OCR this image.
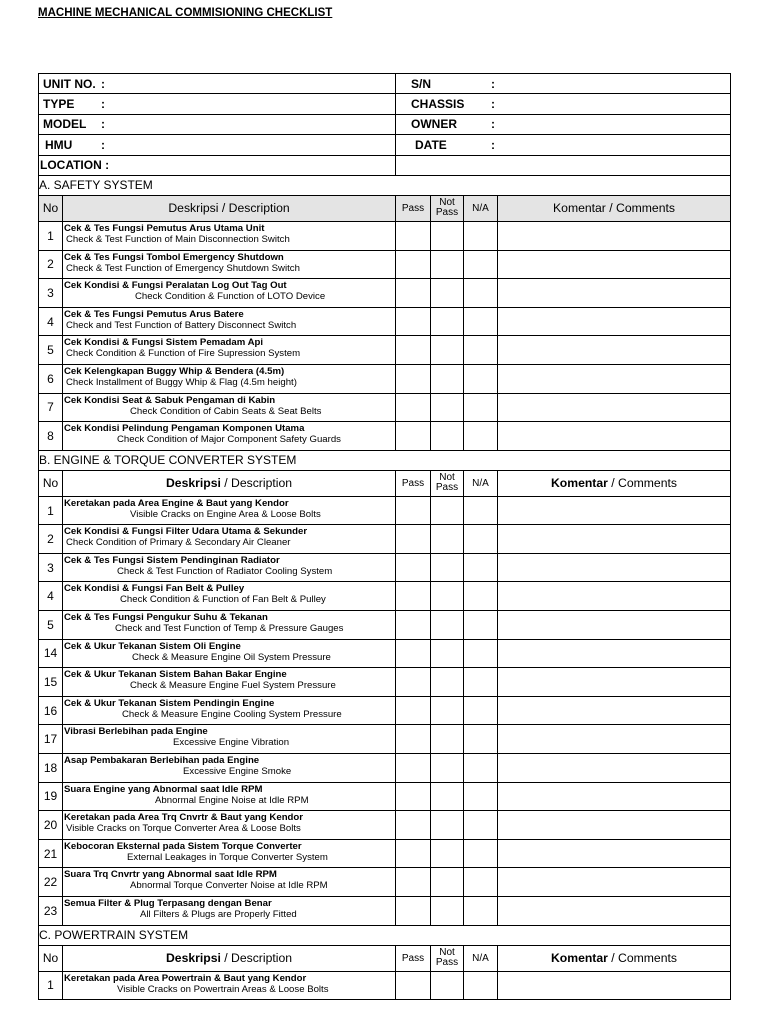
MACHINE MECHANICAL COMMISIONING CHECKLIST
UNIT NO. :		S/N :			
TYPE :		CHASSIS :			
MODEL :		OWNER :			
HMU :		DATE :			
LOCATION :					
A. SAFETY SYSTEM					
No	Deskripsi / Description	Pass	Not Pass	N/A	Komentar / Comments
1	Cek & Tes Fungsi Pemutus Arus Utama Unit
Check & Test Function of Main Disconnection Switch				

2	Cek & Tes Fungsi Tombol Emergency Shutdown
Check & Test Function of Emergency Shutdown Switch				

3	Cek Kondisi & Fungsi Peralatan Log Out Tag Out
Check Condition & Function of LOTO Device				

4	Cek & Tes Fungsi Pemutus Arus Batere
Check and Test Function of Battery Disconnect Switch				

5	Cek Kondisi & Fungsi Sistem Pemadam Api
Check Condition & Function of Fire Supression System				

6	Cek Kelengkapan Buggy Whip & Bendera (4.5m)
Check Installment of Buggy Whip & Flag (4.5m height)				

7	Cek Kondisi Seat & Sabuk Pengaman di Kabin
Check Condition of Cabin Seats & Seat Belts				

8	Cek Kondisi Pelindung Pengaman Komponen Utama
Check Condition of Major Component Safety Guards				

B. ENGINE & TORQUE CONVERTER SYSTEM					
No	Deskripsi / Description	Pass	Not Pass	N/A	Komentar / Comments
1	Keretakan pada Area Engine & Baut yang Kendor
Visible Cracks on Engine Area & Loose Bolts				

2	Cek Kondisi & Fungsi Filter Udara Utama & Sekunder
Check Condition of Primary & Secondary Air Cleaner				

3	Cek & Tes Fungsi Sistem Pendinginan Radiator
Check & Test Function of Radiator Cooling System				

4	Cek Kondisi & Fungsi Fan Belt & Pulley
Check Condition & Function of Fan Belt & Pulley				

5	Cek & Tes Fungsi Pengukur Suhu & Tekanan
Check and Test Function of Temp & Pressure Gauges				

14	Cek & Ukur Tekanan Sistem Oli Engine
Check & Measure Engine Oil System Pressure				

15	Cek & Ukur Tekanan Sistem Bahan Bakar Engine
Check & Measure Engine Fuel System Pressure				

16	Cek & Ukur Tekanan Sistem Pendingin Engine
Check & Measure Engine Cooling System Pressure				

17	Vibrasi Berlebihan pada Engine
Excessive Engine Vibration				

18	Asap Pembakaran Berlebihan pada Engine
Excessive Engine Smoke				

19	Suara Engine yang Abnormal saat Idle RPM
Abnormal Engine Noise at Idle RPM				

20	Keretakan pada Area Trq Cnvrtr & Baut yang Kendor
Visible Cracks on Torque Converter Area & Loose Bolts				

21	Kebocoran Eksternal pada Sistem Torque Converter
External Leakages in Torque Converter System				

22	Suara Trq Cnvrtr yang Abnormal saat Idle RPM
Abnormal Torque Converter Noise at Idle RPM				

23	Semua Filter & Plug Terpasang dengan Benar
All Filters & Plugs are Properly Fitted				

C. POWERTRAIN SYSTEM					
No	Deskripsi / Description	Pass	Not Pass	N/A	Komentar / Comments
1	Keretakan pada Area Powertrain & Baut yang Kendor
Visible Cracks on Powertrain Areas & Loose Bolts				
